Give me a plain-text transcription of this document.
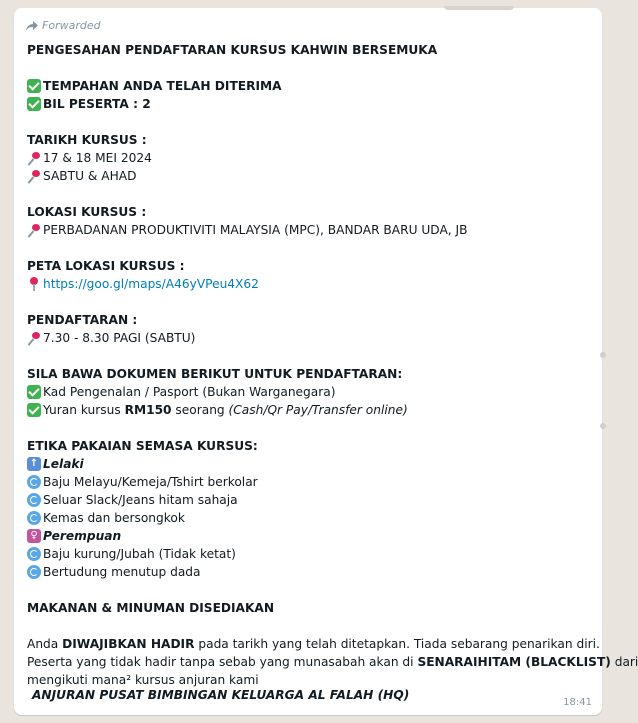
Forwarded
PENGESAHAN PENDAFTARAN KURSUS KAHWIN BERSEMUKA
TEMPAHAN ANDA TELAH DITERIMA
BIL PESERTA : 2
TARIKH KURSUS :
17 & 18 MEI 2024
SABTU & AHAD
LOKASI KURSUS :
PERBADANAN PRODUKTIVITI MALAYSIA (MPC), BANDAR BARU UDA, JB
PETA LOKASI KURSUS :
https://goo.gl/maps/A46yVPeu4X62
PENDAFTARAN :
7.30 - 8.30 PAGI (SABTU)
SILA BAWA DOKUMEN BERIKUT UNTUK PENDAFTARAN:
Kad Pengenalan / Pasport (Bukan Warganegara)
Yuran kursus
RM150
seorang
(Cash/Qr Pay/Transfer online)
ETIKA PAKAIAN SEMASA KURSUS:
↑ Lelaki
Baju Melayu/Kemeja/Tshirt berkolar
Seluar Slack/Jeans hitam sahaja
Kemas dan bersongkok
♀ Perempuan
Baju kurung/Jubah (Tidak ketat)
Bertudung menutup dada
MAKANAN & MINUMAN DISEDIAKAN
Anda
DIWAJIBKAN HADIR
pada tarikh yang telah ditetapkan. Tiada sebarang penarikan diri.
Peserta yang tidak hadir tanpa sebab yang munasabah akan di
SENARAIHITAM (BLACKLIST)
dari
mengikuti mana² kursus anjuran kami
ANJURAN PUSAT BIMBINGAN KELUARGA AL FALAH (HQ)
18:41
